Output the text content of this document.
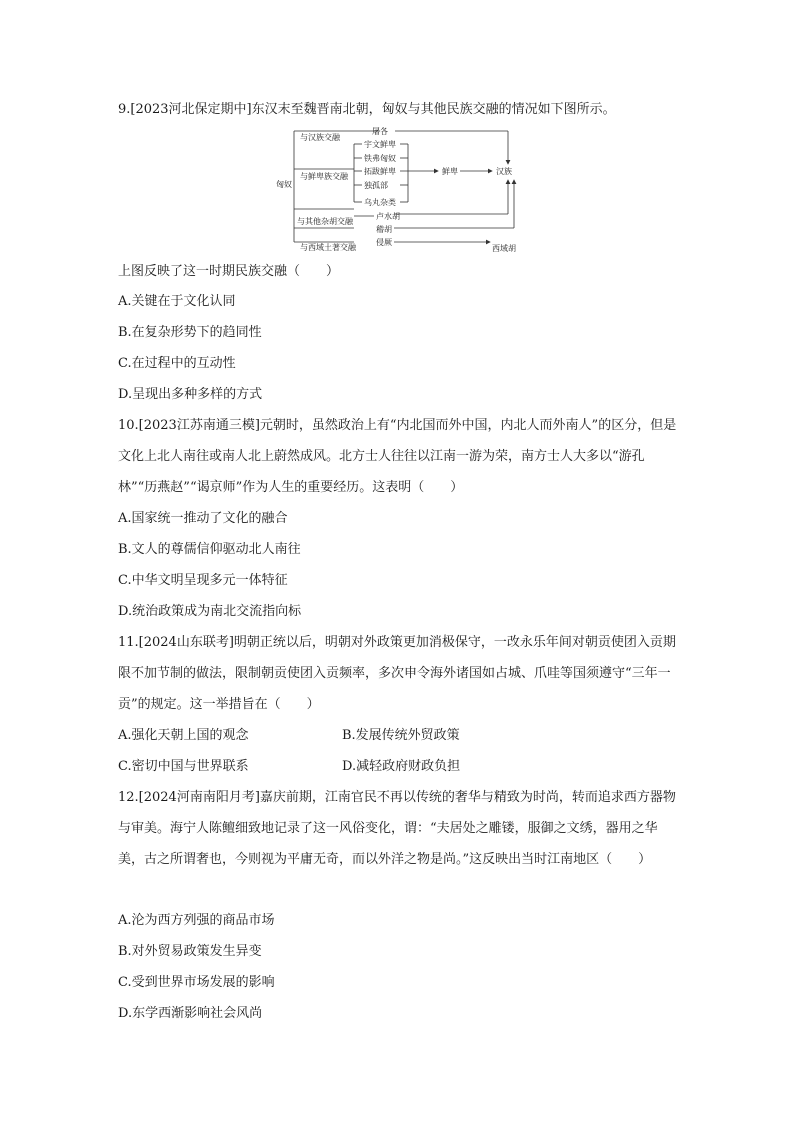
9.[2023河北保定期中]东汉末至魏晋南北朝，匈奴与其他民族交融的情况如下图所示。

匈奴
与汉族交融
与鲜卑族交融
与其他杂胡交融
与西域土著交融
屠各
宇文鲜卑
铁弗匈奴
拓跋鲜卑
独孤部
乌丸杂类
鲜卑	汉族
卢水胡
稽胡
侵厥
西域胡

上图反映了这一时期民族交融（　　）

A.关键在于文化认同

B.在复杂形势下的趋同性

C.在过程中的互动性

D.呈现出多种多样的方式

10.[2023江苏南通三模]元朝时，虽然政治上有“内北国而外中国，内北人而外南人”的区分，但是文化上北人南往或南人北上蔚然成风。北方士人往往以江南一游为荣，南方士人大多以“游孔林”“历燕赵”“谒京师”作为人生的重要经历。这表明（　　）

A.国家统一推动了文化的融合

B.文人的尊儒信仰驱动北人南往

C.中华文明呈现多元一体特征

D.统治政策成为南北交流指向标

11.[2024山东联考]明朝正统以后，明朝对外政策更加消极保守，一改永乐年间对朝贡使团入贡期限不加节制的做法，限制朝贡使团入贡频率，多次申令海外诸国如占城、爪哇等国须遵守“三年一贡”的规定。这一举措旨在（　　）

A.强化天朝上国的观念	B.发展传统外贸政策

C.密切中国与世界联系	D.减轻政府财政负担

12.[2024河南南阳月考]嘉庆前期，江南官民不再以传统的奢华与精致为时尚，转而追求西方器物与审美。海宁人陈鳣细致地记录了这一风俗变化，谓：“夫居处之雕镂，服御之文绣，器用之华美，古之所谓奢也，今则视为平庸无奇，而以外洋之物是尚。”这反映出当时江南地区（　　）

A.沦为西方列强的商品市场

B.对外贸易政策发生异变

C.受到世界市场发展的影响

D.东学西渐影响社会风尚
